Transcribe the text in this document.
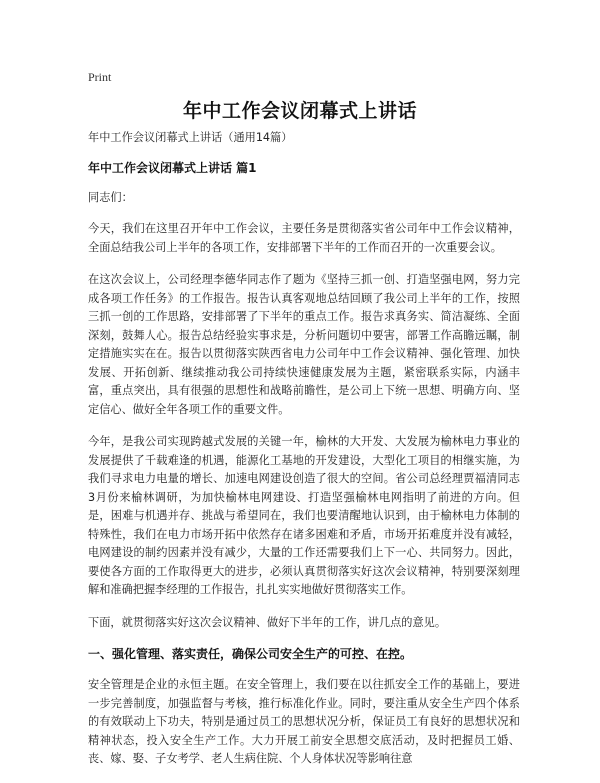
Print
年中工作会议闭幕式上讲话
年中工作会议闭幕式上讲话（通用14篇）
年中工作会议闭幕式上讲话 篇1
同志们：

今天，我们在这里召开年中工作会议，主要任务是贯彻落实省公司年中工作会议精神，全面总结我公司上半年的各项工作，安排部署下半年的工作而召开的一次重要会议。

在这次会议上，公司经理李德华同志作了题为《坚持三抓一创、打造坚强电网，努力完成各项工作任务》的工作报告。报告认真客观地总结回顾了我公司上半年的工作，按照三抓一创的工作思路，安排部署了下半年的重点工作。报告求真务实、简洁凝练、全面深刻，鼓舞人心。报告总结经验实事求是，分析问题切中要害，部署工作高瞻远瞩，制定措施实实在在。报告以贯彻落实陕西省电力公司年中工作会议精神、强化管理、加快发展、开拓创新、继续推动我公司持续快速健康发展为主题，紧密联系实际，内涵丰富，重点突出，具有很强的思想性和战略前瞻性，是公司上下统一思想、明确方向、坚定信心、做好全年各项工作的重要文件。

今年，是我公司实现跨越式发展的关键一年，榆林的大开发、大发展为榆林电力事业的发展提供了千载难逢的机遇，能源化工基地的开发建设，大型化工项目的相继实施，为我们寻求电力电量的增长、加速电网建设创造了很大的空间。省公司总经理贾福清同志3月份来榆林调研，为加快榆林电网建设、打造坚强榆林电网指明了前进的方向。但是，困难与机遇并存、挑战与希望同在，我们也要清醒地认识到，由于榆林电力体制的特殊性，我们在电力市场开拓中依然存在诸多困难和矛盾，市场开拓难度并没有减轻，电网建设的制约因素并没有减少，大量的工作还需要我们上下一心、共同努力。因此，要使各方面的工作取得更大的进步，必须认真贯彻落实好这次会议精神，特别要深刻理解和准确把握李经理的工作报告，扎扎实实地做好贯彻落实工作。

下面，就贯彻落实好这次会议精神、做好下半年的工作，讲几点的意见。

一、强化管理、落实责任，确保公司安全生产的可控、在控。

安全管理是企业的永恒主题。在安全管理上，我们要在以往抓安全工作的基础上，要进一步完善制度，加强监督与考核，推行标准化作业。同时，要注重从安全生产四个体系的有效联动上下功夫，特别是通过员工的思想状况分析，保证员工有良好的思想状况和精神状态，投入安全生产工作。大力开展工前安全思想交底活动，及时把握员工婚、丧、嫁、娶、子女考学、老人生病住院、个人身体状况等影响往意
